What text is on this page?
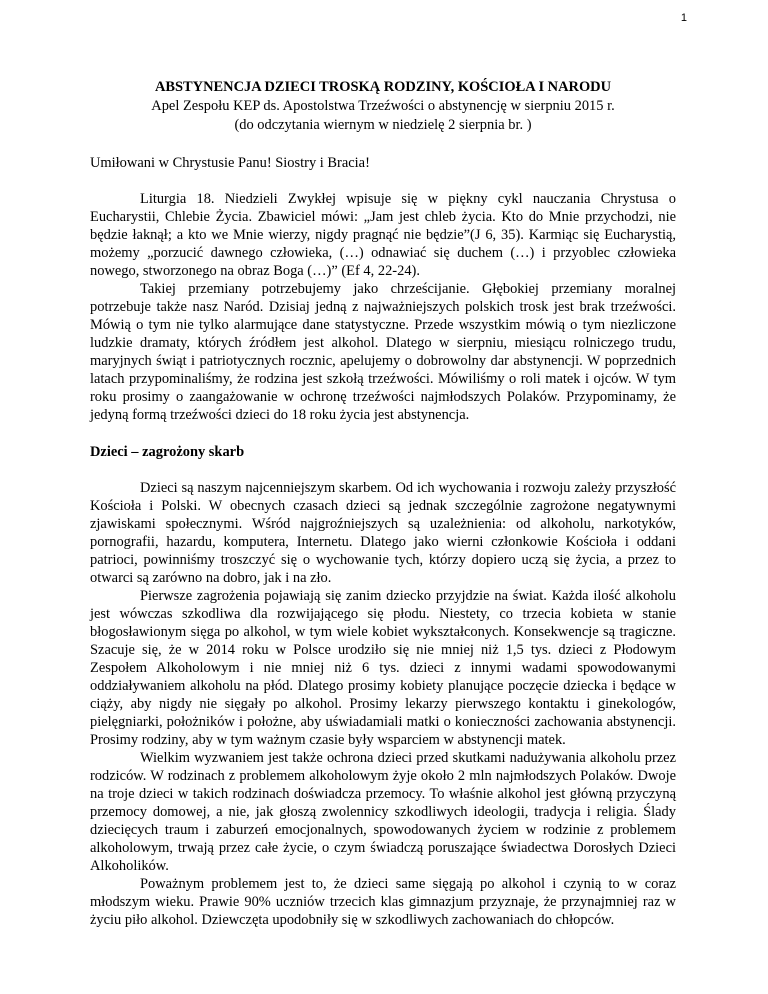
1

ABSTYNENCJA DZIECI TROSKĄ RODZINY, KOŚCIOŁA I NARODU

Apel Zespołu KEP ds. Apostolstwa Trzeźwości o abstynencję w sierpniu 2015 r.

(do odczytania wiernym w niedzielę 2 sierpnia br. )

Umiłowani w Chrystusie Panu! Siostry i Bracia!

Liturgia 18. Niedzieli Zwykłej wpisuje się w piękny cykl nauczania Chrystusa o Eucharystii, Chlebie Życia. Zbawiciel mówi: „Jam jest chleb życia. Kto do Mnie przychodzi, nie będzie łaknął; a kto we Mnie wierzy, nigdy pragnąć nie będzie”(J 6, 35). Karmiąc się Eucharystią, możemy „porzucić dawnego człowieka, (…) odnawiać się duchem (…) i przyoblec człowieka nowego, stworzonego na obraz Boga (…)” (Ef 4, 22-24).

Takiej przemiany potrzebujemy jako chrześcijanie. Głębokiej przemiany moralnej potrzebuje także nasz Naród. Dzisiaj jedną z najważniejszych polskich trosk jest brak trzeźwości. Mówią o tym nie tylko alarmujące dane statystyczne. Przede wszystkim mówią o tym niezliczone ludzkie dramaty, których źródłem jest alkohol. Dlatego w sierpniu, miesiącu rolniczego trudu, maryjnych świąt i patriotycznych rocznic, apelujemy o dobrowolny dar abstynencji. W poprzednich latach przypominaliśmy, że rodzina jest szkołą trzeźwości. Mówiliśmy o roli matek i ojców. W tym roku prosimy o zaangażowanie w ochronę trzeźwości najmłodszych Polaków. Przypominamy, że jedyną formą trzeźwości dzieci do 18 roku życia jest abstynencja.

Dzieci – zagrożony skarb

Dzieci są naszym najcenniejszym skarbem. Od ich wychowania i rozwoju zależy przyszłość Kościoła i Polski. W obecnych czasach dzieci są jednak szczególnie zagrożone negatywnymi zjawiskami społecznymi. Wśród najgroźniejszych są uzależnienia: od alkoholu, narkotyków, pornografii, hazardu, komputera, Internetu. Dlatego jako wierni członkowie Kościoła i oddani patrioci, powinniśmy troszczyć się o wychowanie tych, którzy dopiero uczą się życia, a przez to otwarci są zarówno na dobro, jak i na zło.

Pierwsze zagrożenia pojawiają się zanim dziecko przyjdzie na świat. Każda ilość alkoholu jest wówczas szkodliwa dla rozwijającego się płodu. Niestety, co trzecia kobieta w stanie błogosławionym sięga po alkohol, w tym wiele kobiet wykształconych. Konsekwencje są tragiczne. Szacuje się, że w 2014 roku w Polsce urodziło się nie mniej niż 1,5 tys. dzieci z Płodowym Zespołem Alkoholowym i nie mniej niż 6 tys. dzieci z innymi wadami spowodowanymi oddziaływaniem alkoholu na płód. Dlatego prosimy kobiety planujące poczęcie dziecka i będące w ciąży, aby nigdy nie sięgały po alkohol. Prosimy lekarzy pierwszego kontaktu i ginekologów, pielęgniarki, położników i położne, aby uświadamiali matki o konieczności zachowania abstynencji. Prosimy rodziny, aby w tym ważnym czasie były wsparciem w abstynencji matek.

Wielkim wyzwaniem jest także ochrona dzieci przed skutkami nadużywania alkoholu przez rodziców. W rodzinach z problemem alkoholowym żyje około 2 mln najmłodszych Polaków. Dwoje na troje dzieci w takich rodzinach doświadcza przemocy. To właśnie alkohol jest główną przyczyną przemocy domowej, a nie, jak głoszą zwolennicy szkodliwych ideologii, tradycja i religia. Ślady dziecięcych traum i zaburzeń emocjonalnych, spowodowanych życiem w rodzinie z problemem alkoholowym, trwają przez całe życie, o czym świadczą poruszające świadectwa Dorosłych Dzieci Alkoholików.

Poważnym problemem jest to, że dzieci same sięgają po alkohol i czynią to w coraz młodszym wieku. Prawie 90% uczniów trzecich klas gimnazjum przyznaje, że przynajmniej raz w życiu piło alkohol. Dziewczęta upodobniły się w szkodliwych zachowaniach do chłopców.
